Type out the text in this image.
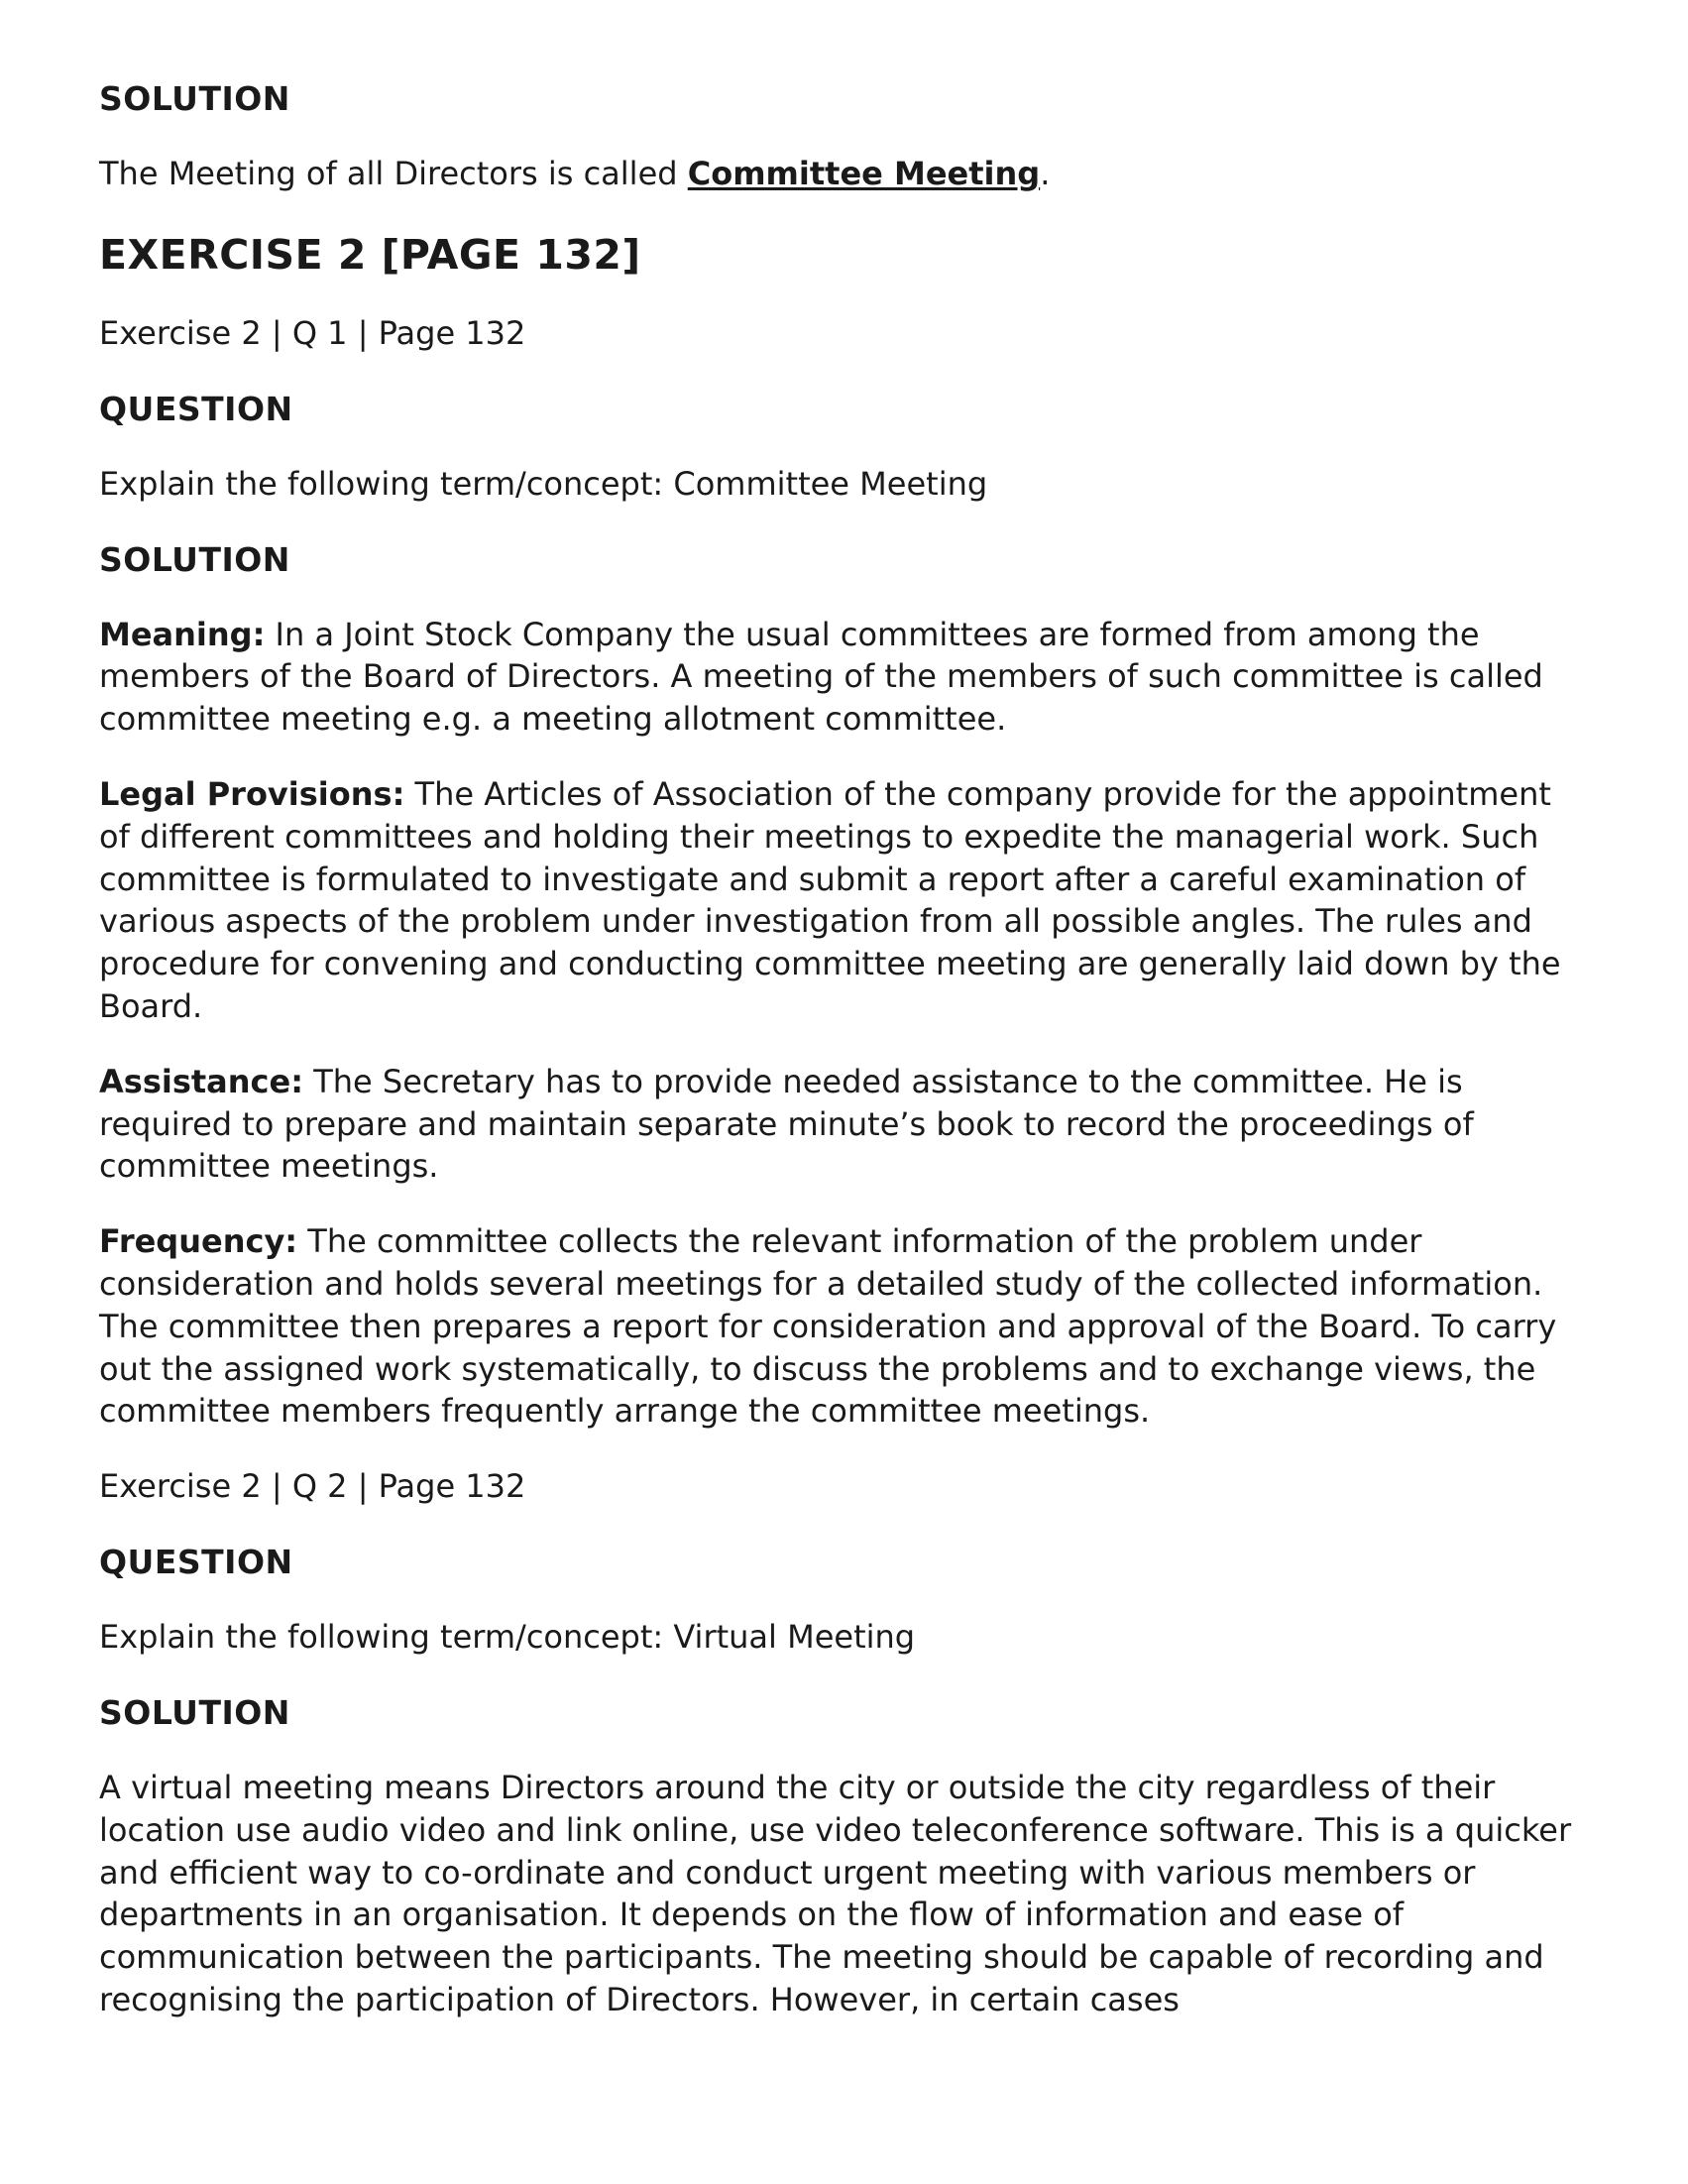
SOLUTION
The Meeting of all Directors is called Committee Meeting.
EXERCISE 2 [PAGE 132]
Exercise 2 | Q 1 | Page 132
QUESTION
Explain the following term/concept: Committee Meeting
SOLUTION
Meaning: In a Joint Stock Company the usual committees are formed from among the members of the Board of Directors. A meeting of the members of such committee is called committee meeting e.g. a meeting allotment committee.
Legal Provisions: The Articles of Association of the company provide for the appointment of different committees and holding their meetings to expedite the managerial work. Such committee is formulated to investigate and submit a report after a careful examination of various aspects of the problem under investigation from all possible angles. The rules and procedure for convening and conducting committee meeting are generally laid down by the Board.
Assistance: The Secretary has to provide needed assistance to the committee. He is required to prepare and maintain separate minute’s book to record the proceedings of committee meetings.
Frequency: The committee collects the relevant information of the problem under consideration and holds several meetings for a detailed study of the collected information. The committee then prepares a report for consideration and approval of the Board. To carry out the assigned work systematically, to discuss the problems and to exchange views, the committee members frequently arrange the committee meetings.
Exercise 2 | Q 2 | Page 132
QUESTION
Explain the following term/concept: Virtual Meeting
SOLUTION
A virtual meeting means Directors around the city or outside the city regardless of their location use audio video and link online, use video teleconference software. This is a quicker and efficient way to co-ordinate and conduct urgent meeting with various members or departments in an organisation. It depends on the flow of information and ease of communication between the participants. The meeting should be capable of recording and recognising the participation of Directors. However, in certain cases
